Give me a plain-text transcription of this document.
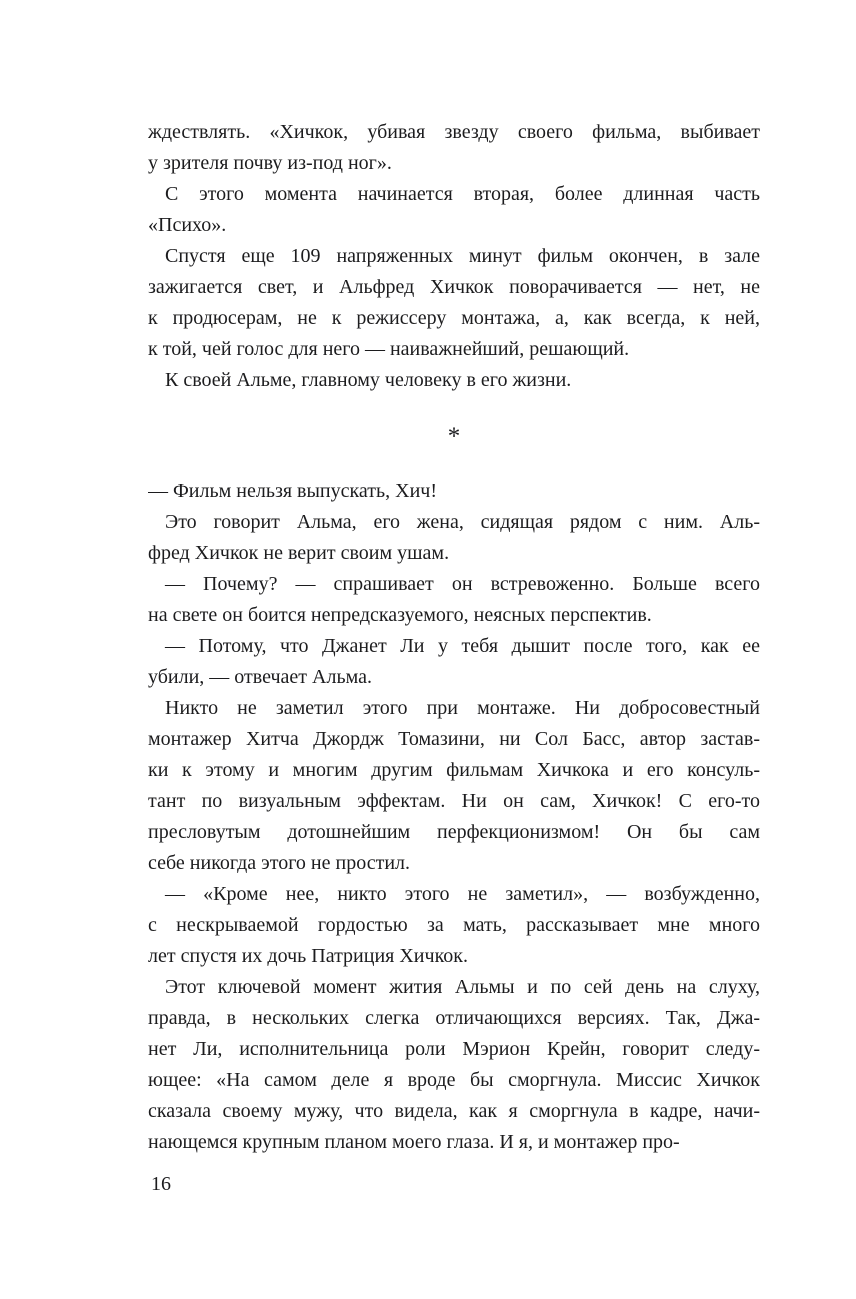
ждествлять. «Хичкок, убивая звезду своего фильма, выбивает
у зрителя почву из-под ног».
С этого момента начинается вторая, более длинная часть
«Психо».
Спустя еще 109 напряженных минут фильм окончен, в зале
зажигается свет, и Альфред Хичкок поворачивается — нет, не
к продюсерам, не к режиссеру монтажа, а, как всегда, к ней,
к той, чей голос для него — наиважнейший, решающий.
К своей Альме, главному человеку в его жизни.
*
— Фильм нельзя выпускать, Хич!
Это говорит Альма, его жена, сидящая рядом с ним. Аль-
фред Хичкок не верит своим ушам.
— Почему? — спрашивает он встревоженно. Больше всего
на свете он боится непредсказуемого, неясных перспектив.
— Потому, что Джанет Ли у тебя дышит после того, как ее
убили, — отвечает Альма.
Никто не заметил этого при монтаже. Ни добросовестный
монтажер Хитча Джордж Томазини, ни Сол Басс, автор застав-
ки к этому и многим другим фильмам Хичкока и его консуль-
тант по визуальным эффектам. Ни он сам, Хичкок! С его-то
пресловутым дотошнейшим перфекционизмом! Он бы сам
себе никогда этого не простил.
— «Кроме нее, никто этого не заметил», — возбужденно,
с нескрываемой гордостью за мать, рассказывает мне много
лет спустя их дочь Патриция Хичкок.
Этот ключевой момент жития Альмы и по сей день на слуху,
правда, в нескольких слегка отличающихся версиях. Так, Джа-
нет Ли, исполнительница роли Мэрион Крейн, говорит следу-
ющее: «На самом деле я вроде бы сморгнула. Миссис Хичкок
сказала своему мужу, что видела, как я сморгнула в кадре, начи-
нающемся крупным планом моего глаза. И я, и монтажер про-
16
